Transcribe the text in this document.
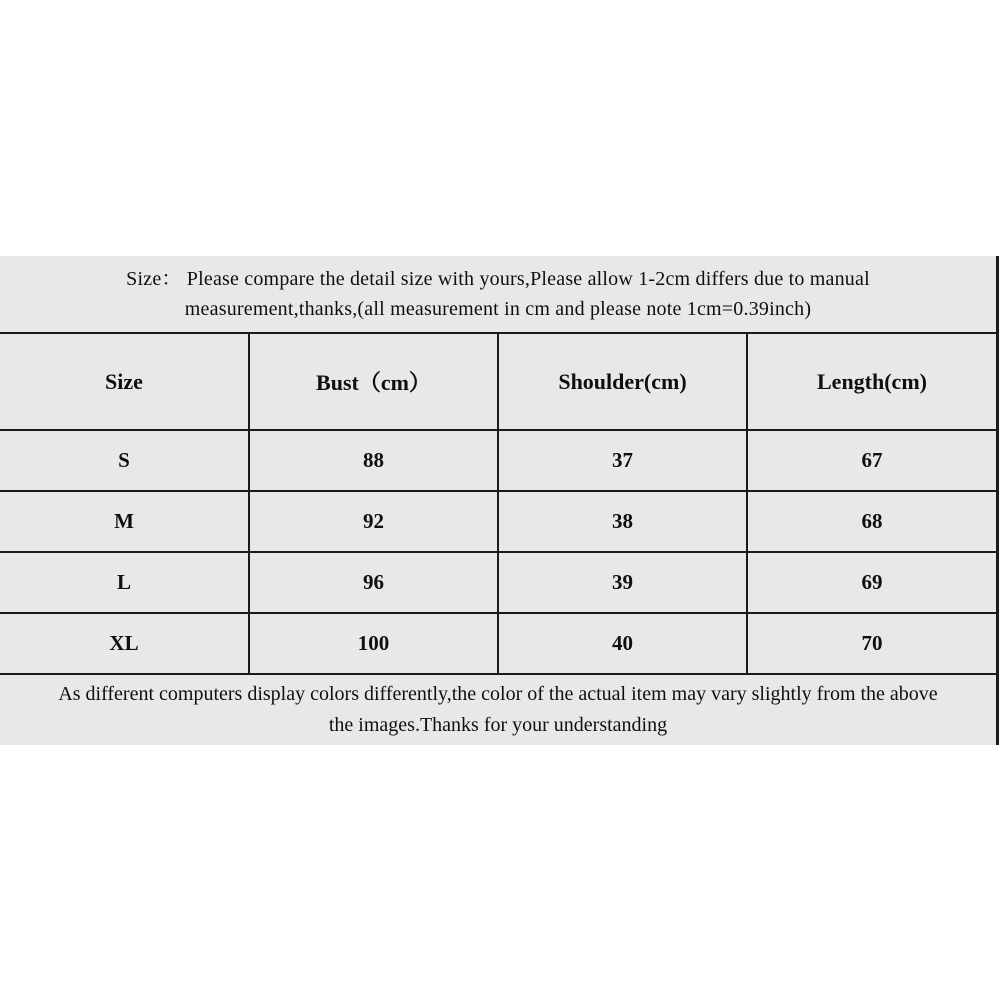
Size： Please compare the detail size with yours,Please allow 1-2cm differs due to manual
measurement,thanks,(all measurement in cm and please note 1cm=0.39inch)
Size	Bust（cm）	Shoulder(cm)	Length(cm)
S	88	37	67
M	92	38	68
L	96	39	69
XL	100	40	70
As different computers display colors differently,the color of the actual item may vary slightly from the above
the images.Thanks for your understanding
